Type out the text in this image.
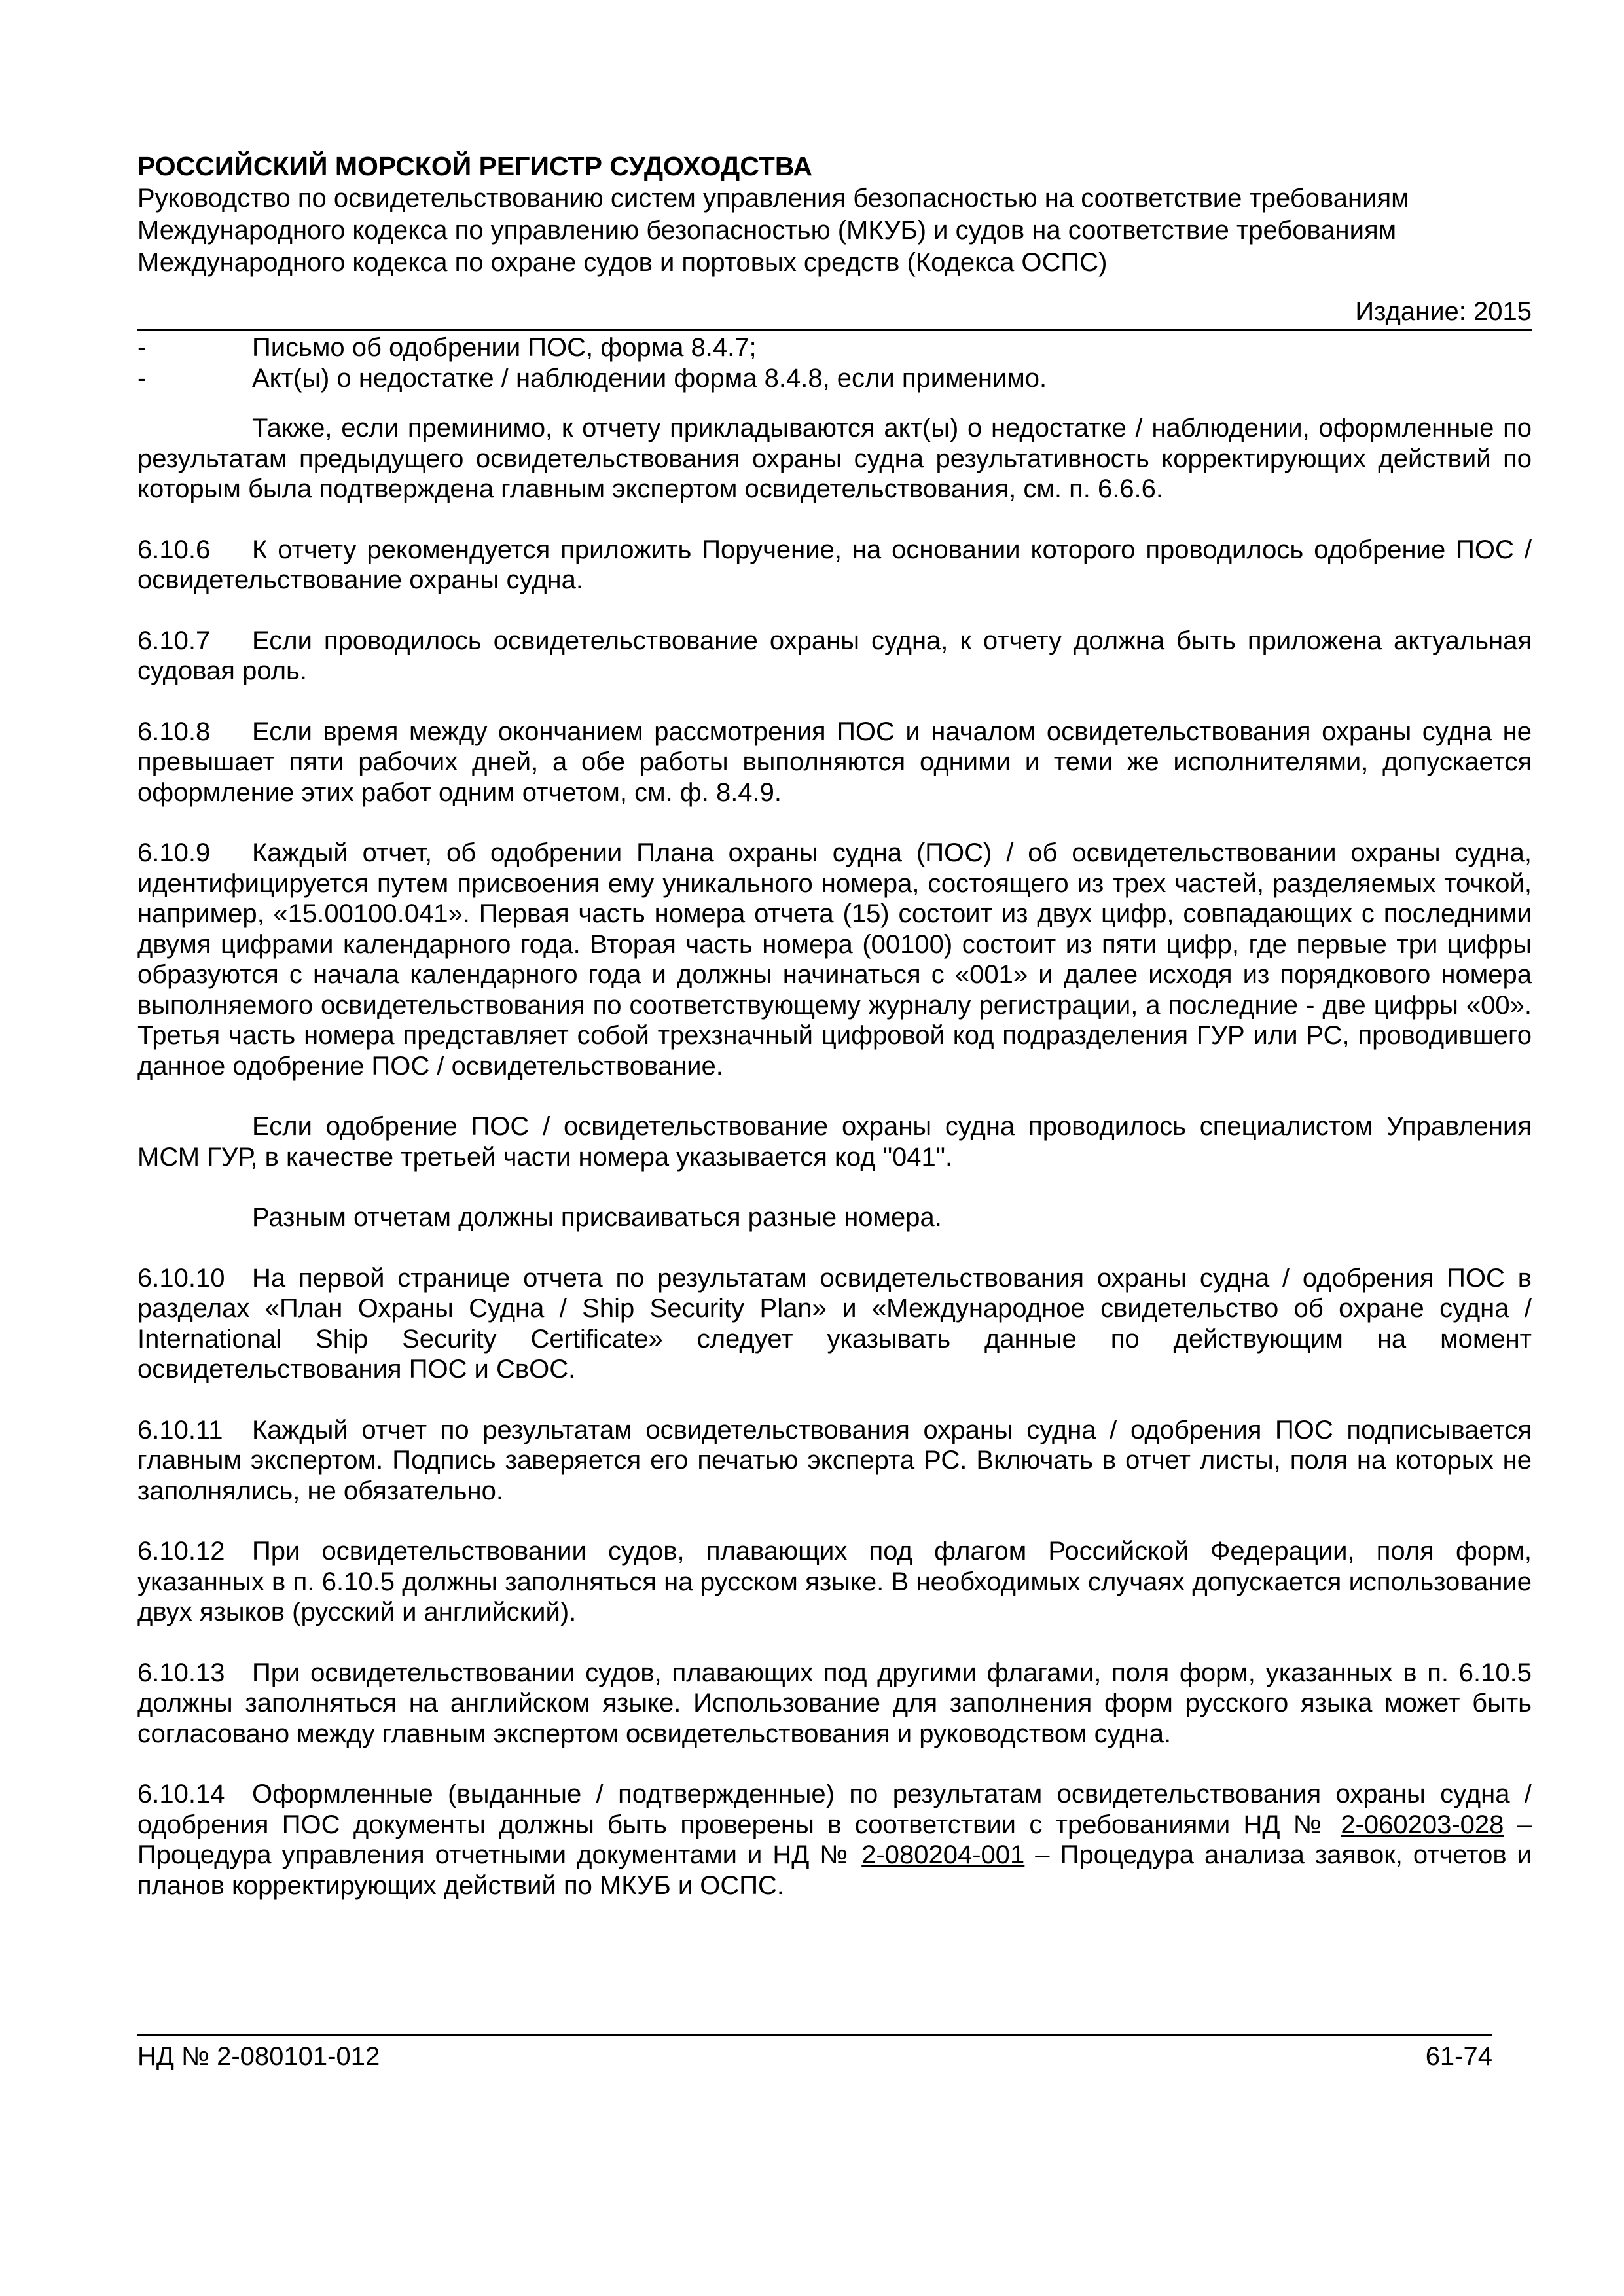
РОССИЙСКИЙ МОРСКОЙ РЕГИСТР СУДОХОДСТВА

Руководство по освидетельствованию систем управления безопасностью на соответствие требованиям

Международного кодекса по управлению безопасностью (МКУБ) и судов на соответствие требованиям

Международного кодекса по охране судов и портовых средств (Кодекса ОСПС)

Издание: 2015

-	Письмо об одобрении ПОС, форма 8.4.7;

-	Акт(ы) о недостатке / наблюдении форма 8.4.8, если применимо.

Также, если преминимо, к отчету прикладываются акт(ы) о недостатке / наблюдении, оформленные по результатам предыдущего освидетельствования охраны судна результативность корректирующих действий по которым была подтверждена главным экспертом освидетельствования, см. п. 6.6.6.

6.10.6 К отчету рекомендуется приложить Поручение, на основании которого проводилось одобрение ПОС / освидетельствование охраны судна.

6.10.7 Если проводилось освидетельствование охраны судна, к отчету должна быть приложена актуальная судовая роль.

6.10.8 Если время между окончанием рассмотрения ПОС и началом освидетельствования охраны судна не превышает пяти рабочих дней, а обе работы выполняются одними и теми же исполнителями, допускается оформление этих работ одним отчетом, см. ф. 8.4.9.

6.10.9 Каждый отчет, об одобрении Плана охраны судна (ПОС) / об освидетельствовании охраны судна, идентифицируется путем присвоения ему уникального номера, состоящего из трех частей, разделяемых точкой, например, «15.00100.041». Первая часть номера отчета (15) состоит из двух цифр, совпадающих с последними двумя цифрами календарного года. Вторая часть номера (00100) состоит из пяти цифр, где первые три цифры образуются с начала календарного года и должны начинаться с «001» и далее исходя из порядкового номера выполняемого освидетельствования по соответствующему журналу регистрации, а последние - две цифры «00». Третья часть номера представляет собой трехзначный цифровой код подразделения ГУР или РС, проводившего данное одобрение ПОС / освидетельствование.

Если одобрение ПОС / освидетельствование охраны судна проводилось специалистом Управления МСМ ГУР, в качестве третьей части номера указывается код "041".

Разным отчетам должны присваиваться разные номера.

6.10.10 На первой странице отчета по результатам освидетельствования охраны судна / одобрения ПОС в разделах «План Охраны Судна / Ship Security Plan» и «Международное свидетельство об охране судна / International Ship Security Certificate» следует указывать данные по действующим на момент освидетельствования ПОС и СвОС.

6.10.11 Каждый отчет по результатам освидетельствования охраны судна / одобрения ПОС подписывается главным экспертом. Подпись заверяется его печатью эксперта РС. Включать в отчет листы, поля на которых не заполнялись, не обязательно.

6.10.12 При освидетельствовании судов, плавающих под флагом Российской Федерации, поля форм, указанных в п. 6.10.5 должны заполняться на русском языке. В необходимых случаях допускается использование двух языков (русский и английский).

6.10.13 При освидетельствовании судов, плавающих под другими флагами, поля форм, указанных в п. 6.10.5 должны заполняться на английском языке. Использование для заполнения форм русского языка может быть согласовано между главным экспертом освидетельствования и руководством судна.

6.10.14 Оформленные (выданные / подтвержденные) по результатам освидетельствования охраны судна / одобрения ПОС документы должны быть проверены в соответствии с требованиями НД № 2-060203-028 – Процедура управления отчетными документами и НД № 2-080204-001 – Процедура анализа заявок, отчетов и планов корректирующих действий по МКУБ и ОСПС.

НД № 2-080101-012	61-74
